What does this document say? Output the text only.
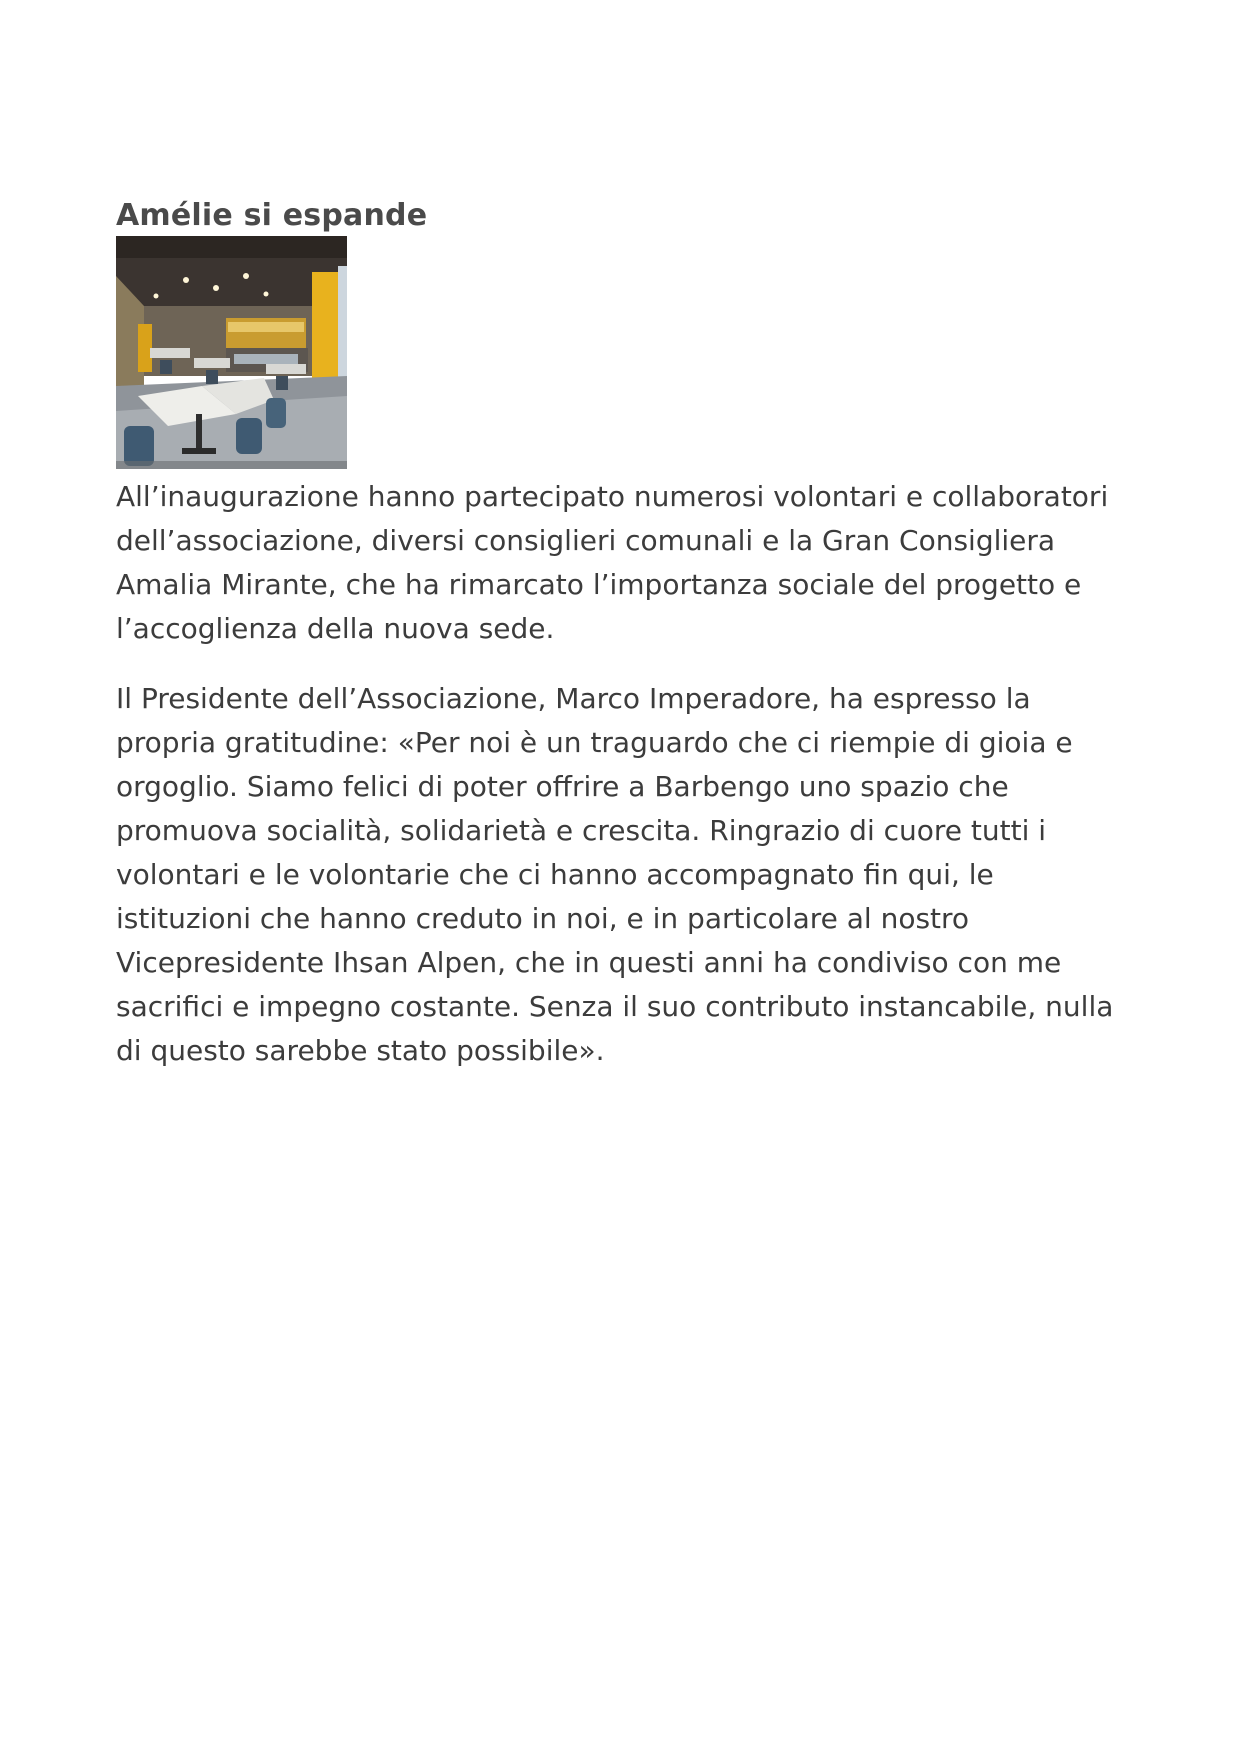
Amélie si espande

All’inaugurazione hanno partecipato numerosi volontari e collaboratori dell’associazione, diversi consiglieri comunali e la Gran Consigliera Amalia Mirante, che ha rimarcato l’importanza sociale del progetto e l’accoglienza della nuova sede.

Il Presidente dell’Associazione, Marco Imperadore, ha espresso la propria gratitudine: «Per noi è un traguardo che ci riempie di gioia e orgoglio. Siamo felici di poter offrire a Barbengo uno spazio che promuova socialità, solidarietà e crescita. Ringrazio di cuore tutti i volontari e le volontarie che ci hanno accompagnato fin qui, le istituzioni che hanno creduto in noi, e in particolare al nostro Vicepresidente Ihsan Alpen, che in questi anni ha condiviso con me sacrifici e impegno costante. Senza il suo contributo instancabile, nulla di questo sarebbe stato possibile».
